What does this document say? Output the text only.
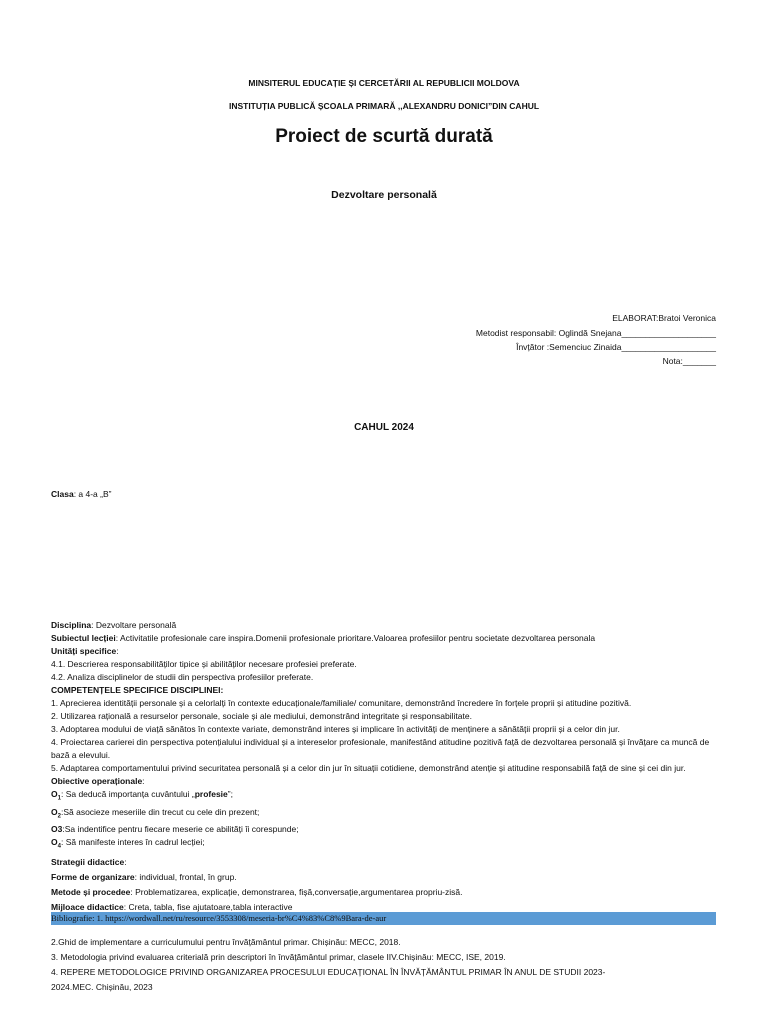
MINSITERUL EDUCAȚIE ȘI CERCETĂRII AL REPUBLICII MOLDOVA
INSTITUȚIA PUBLICĂ ȘCOALA PRIMARĂ ,,ALEXANDRU DONICI”DIN CAHUL
Proiect de scurtă durată
Dezvoltare personală
ELABORAT:Bratoi Veronica
Metodist responsabil: Oglindă Snejana____________________
Învțător :Semenciuc Zinaida____________________
Nota:_______
CAHUL 2024
Clasa: a 4-a „B”
Disciplina: Dezvoltare personală
Subiectul lecției: Activitatile profesionale care inspira.Domenii profesionale prioritare.Valoarea profesiilor pentru societate dezvoltarea personala
Unități specifice:
4.1. Descrierea responsabilităților tipice și abilităților necesare profesiei preferate.
4.2. Analiza disciplinelor de studii din perspectiva profesiilor preferate.
COMPETENȚELE SPECIFICE DISCIPLINEI:
1. Aprecierea identității personale și a celorlalți în contexte educaționale/familiale/ comunitare, demonstrând încredere în forțele proprii și atitudine pozitivă.
2. Utilizarea rațională a resurselor personale, sociale și ale mediului, demonstrând integritate și responsabilitate.
3. Adoptarea modului de viață sănătos în contexte variate, demonstrând interes și implicare în activități de menținere a sănătății proprii și a celor din jur.
4. Proiectarea carierei din perspectiva potențialului individual și a intereselor profesionale, manifestând atitudine pozitivă față de dezvoltarea personală și învățare ca muncă de bază a elevului.
5. Adaptarea comportamentului privind securitatea personală și a celor din jur în situații cotidiene, demonstrând atenție și atitudine responsabilă față de sine și cei din jur.
Obiective operaționale:
$O_1$: Sa deducă importanța cuvântului „profesie”;
$O_2:Să$ asocieze meseriile din trecut cu cele din prezent;
O3:Sa indentifice pentru fiecare meserie ce abilități îi corespunde;
$O_4$: Să manifeste interes în cadrul lecției;
Strategii didactice:
Forme de organizare: individual, frontal, în grup.
Metode și procedee: Problematizarea, explicație, demonstrarea, fișă,conversație,argumentarea propriu-zisă.
Mijloace didactice: Creta, tabla, fise ajutatoare,tabla interactive
Bibliografie: 1. https://wordwall.net/ru/resource/3553308/meseria-br%C4%83%C8%9Bara-de-aur
2.Ghid de implementare a curriculumului pentru învățământul primar. Chișinău: MECC, 2018.
3. Metodologia privind evaluarea criterială prin descriptori în învățământul primar, clasele IIV.Chișinău: MECC, ISE, 2019.
4. REPERE METODOLOGICE PRIVIND ORGANIZAREA PROCESULUI EDUCAȚIONAL ÎN ÎNVĂȚĂMÂNTUL PRIMAR ÎN ANUL DE STUDII 2023-
2024.MEC. Chișinău, 2023
